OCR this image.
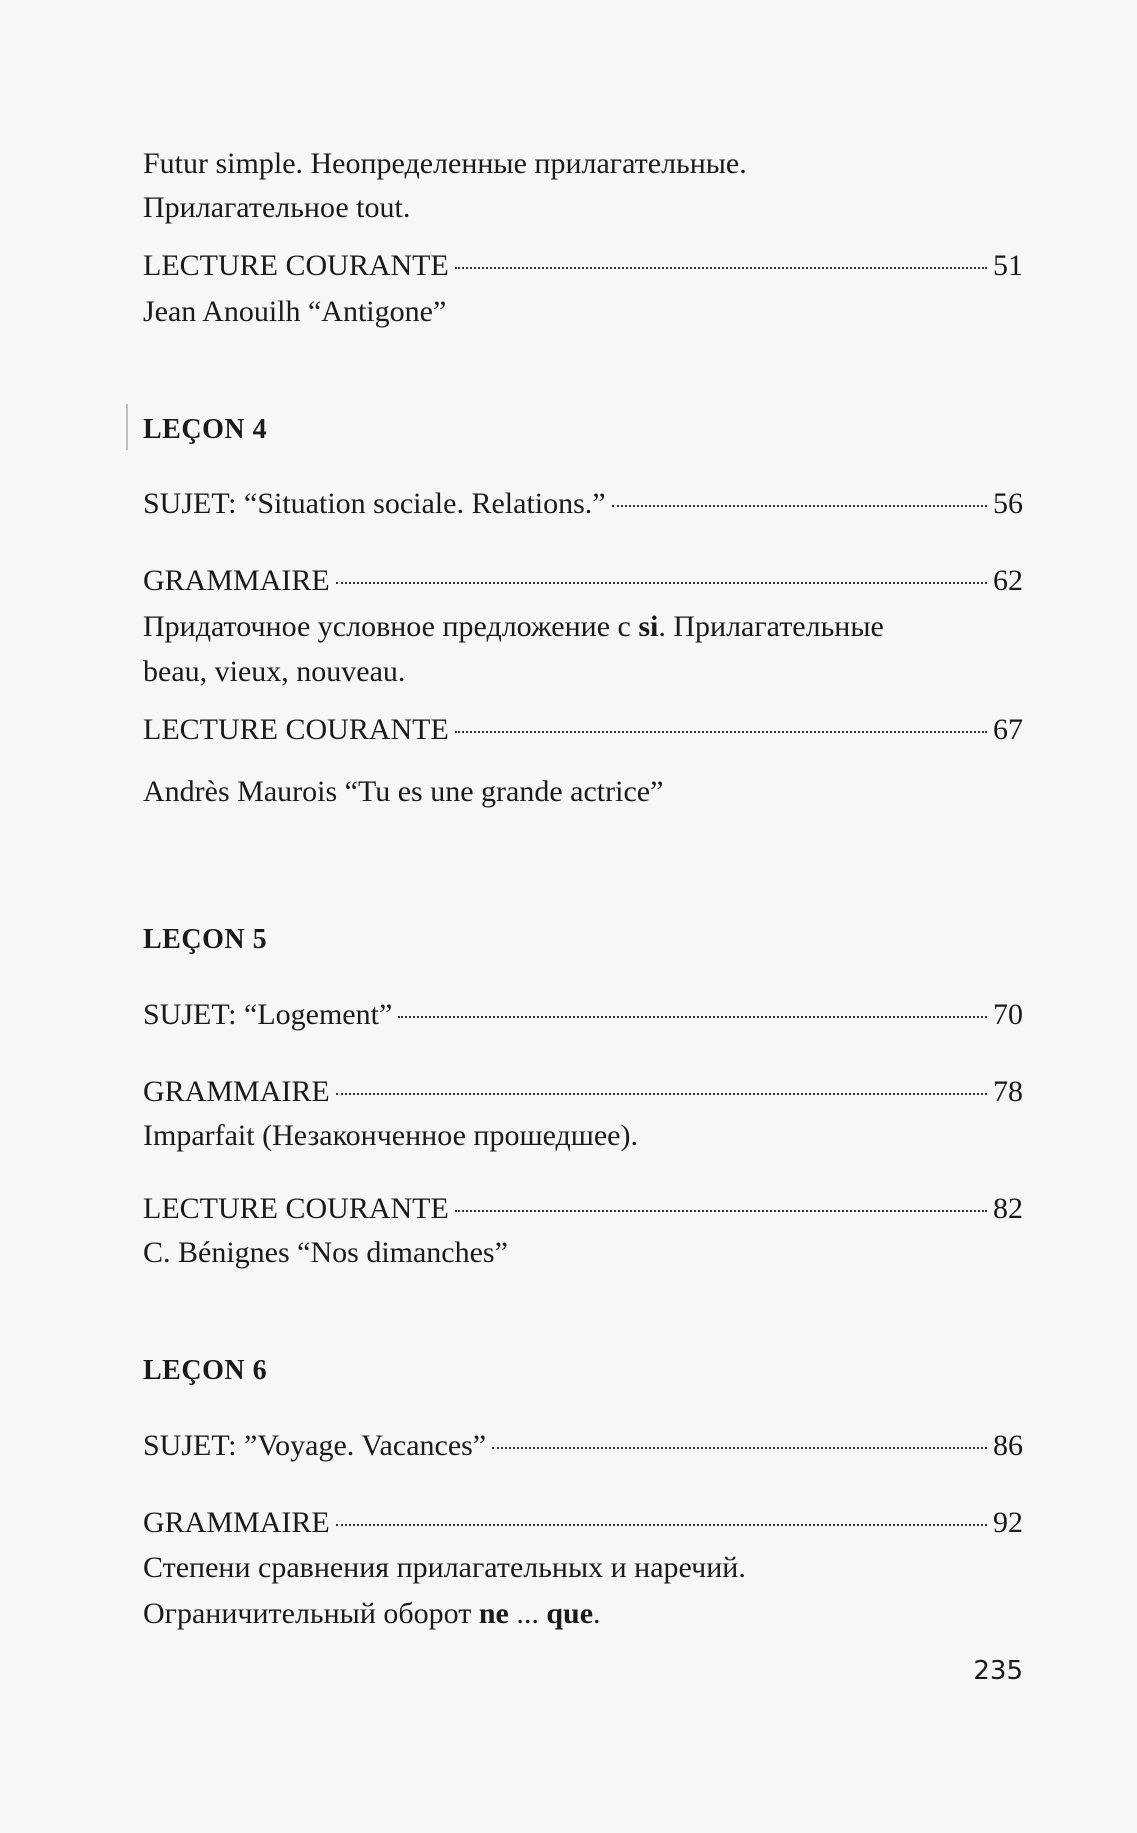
Futur simple. Неопределенные прилагательные.
Прилагательное tout.
LECTURE COURANTE	51
Jean Anouilh “Antigone”
LEÇON 4
SUJET: “Situation sociale. Relations.”	56
GRAMMAIRE	62
Придаточное условное предложение с si. Прилагательные
beau, vieux, nouveau.
LECTURE COURANTE	67
Andrès Maurois “Tu es une grande actrice”
LEÇON 5
SUJET: “Logement”	70
GRAMMAIRE	78
Imparfait (Незаконченное прошедшее).
LECTURE COURANTE	82
C. Bénignes “Nos dimanches”
LEÇON 6
SUJET: ”Voyage. Vacances”	86
GRAMMAIRE	92
Степени сравнения прилагательных и наречий.
Ограничительный оборот ne ... que.
235
